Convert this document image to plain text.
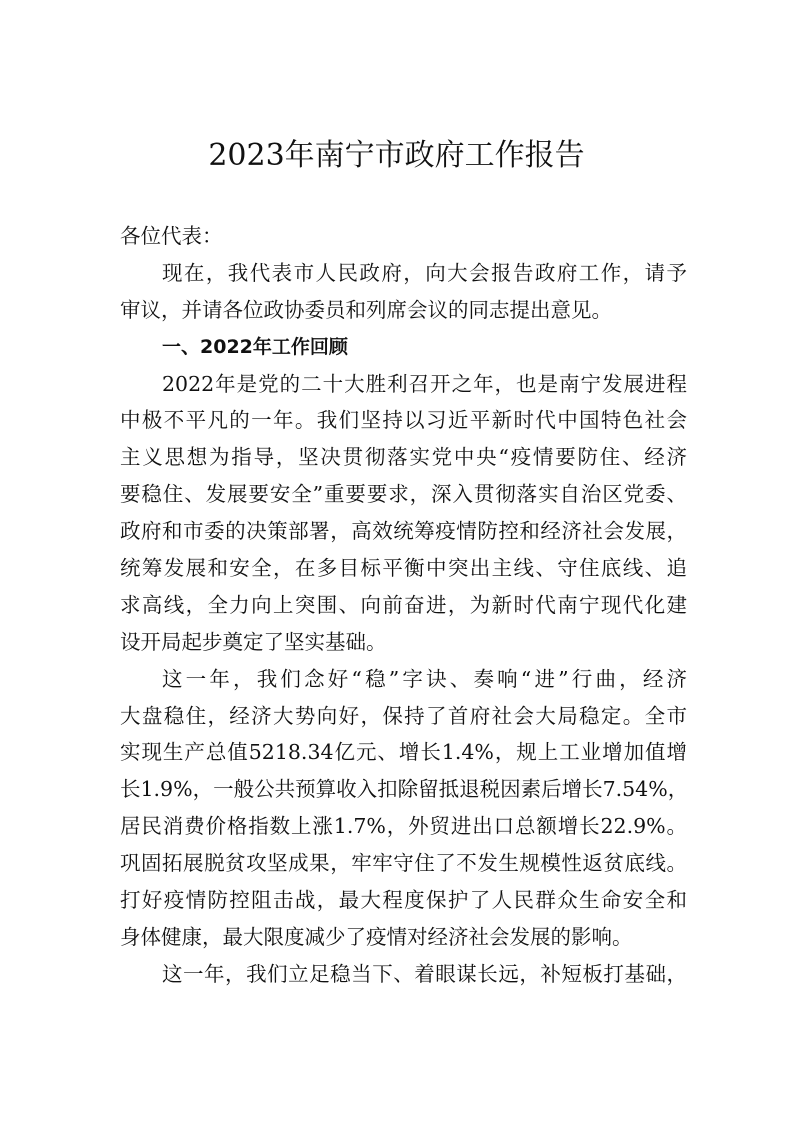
2023年南宁市政府工作报告
各位代表：
现在，我代表市人民政府，向大会报告政府工作，请予
审议，并请各位政协委员和列席会议的同志提出意见。
一、2022年工作回顾
2022年是党的二十大胜利召开之年，也是南宁发展进程
中极不平凡的一年。我们坚持以习近平新时代中国特色社会
主义思想为指导，坚决贯彻落实党中央“疫情要防住、经济
要稳住、发展要安全”重要要求，深入贯彻落实自治区党委、
政府和市委的决策部署，高效统筹疫情防控和经济社会发展，
统筹发展和安全，在多目标平衡中突出主线、守住底线、追
求高线，全力向上突围、向前奋进，为新时代南宁现代化建
设开局起步奠定了坚实基础。
这一年，我们念好“稳”字诀、奏响“进”行曲，经济
大盘稳住，经济大势向好，保持了首府社会大局稳定。全市
实现生产总值5218.34亿元、增长1.4%，规上工业增加值增
长1.9%，一般公共预算收入扣除留抵退税因素后增长7.54%，
居民消费价格指数上涨1.7%，外贸进出口总额增长22.9%。
巩固拓展脱贫攻坚成果，牢牢守住了不发生规模性返贫底线。
打好疫情防控阻击战，最大程度保护了人民群众生命安全和
身体健康，最大限度减少了疫情对经济社会发展的影响。
这一年，我们立足稳当下、着眼谋长远，补短板打基础，
